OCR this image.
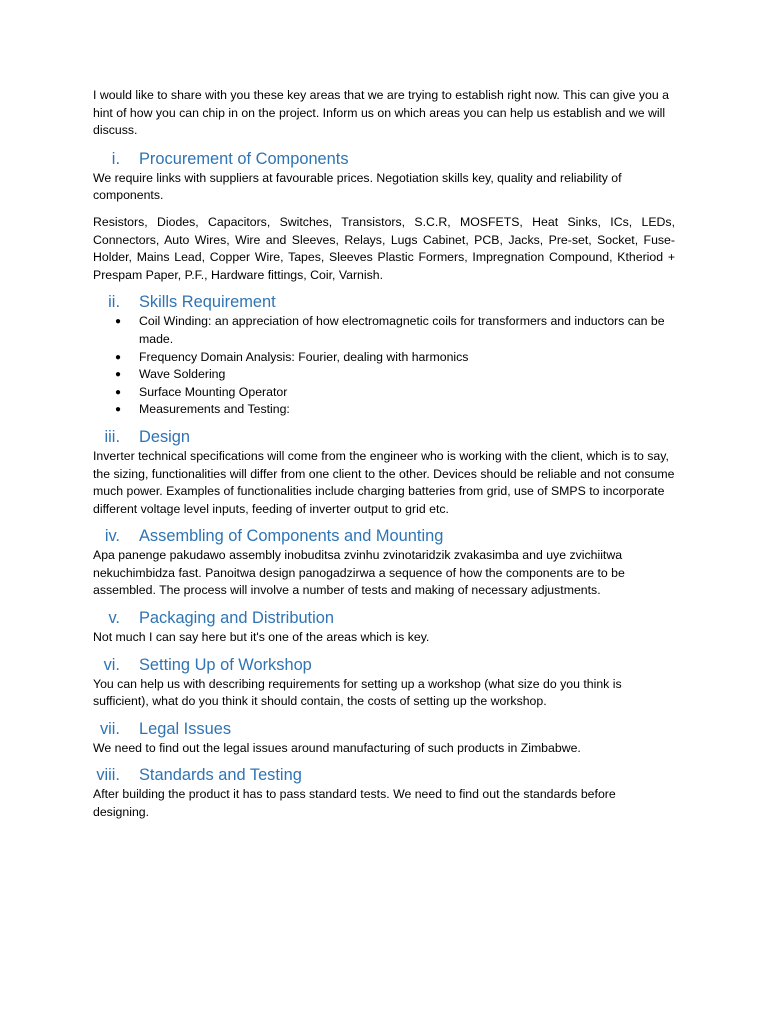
I would like to share with you these key areas that we are trying to establish right now. This can give you a hint of how you can chip in on the project. Inform us on which areas you can help us establish and we will discuss.

i. Procurement of Components

We require links with suppliers at favourable prices. Negotiation skills key, quality and reliability of components.

Resistors, Diodes, Capacitors, Switches, Transistors, S.C.R, MOSFETS, Heat Sinks, ICs, LEDs, Connectors, Auto Wires, Wire and Sleeves, Relays, Lugs Cabinet, PCB, Jacks, Pre-set, Socket, Fuse-Holder, Mains Lead, Copper Wire, Tapes, Sleeves Plastic Formers, Impregnation Compound, Ktheriod + Prespam Paper, P.F., Hardware fittings, Coir, Varnish.

ii. Skills Requirement
● Coil Winding: an appreciation of how electromagnetic coils for transformers and inductors can be made.
● Frequency Domain Analysis: Fourier, dealing with harmonics
● Wave Soldering
● Surface Mounting Operator
● Measurements and Testing:
iii. Design

Inverter technical specifications will come from the engineer who is working with the client, which is to say, the sizing, functionalities will differ from one client to the other. Devices should be reliable and not consume much power. Examples of functionalities include charging batteries from grid, use of SMPS to incorporate different voltage level inputs, feeding of inverter output to grid etc.

iv. Assembling of Components and Mounting

Apa panenge pakudawo assembly inobuditsa zvinhu zvinotaridzik zvakasimba and uye zvichiitwa nekuchimbidza fast. Panoitwa design panogadzirwa a sequence of how the components are to be assembled. The process will involve a number of tests and making of necessary adjustments.

v. Packaging and Distribution

Not much I can say here but it's one of the areas which is key.

vi. Setting Up of Workshop

You can help us with describing requirements for setting up a workshop (what size do you think is sufficient), what do you think it should contain, the costs of setting up the workshop.

vii. Legal Issues

We need to find out the legal issues around manufacturing of such products in Zimbabwe.

viii. Standards and Testing

After building the product it has to pass standard tests. We need to find out the standards before designing.
